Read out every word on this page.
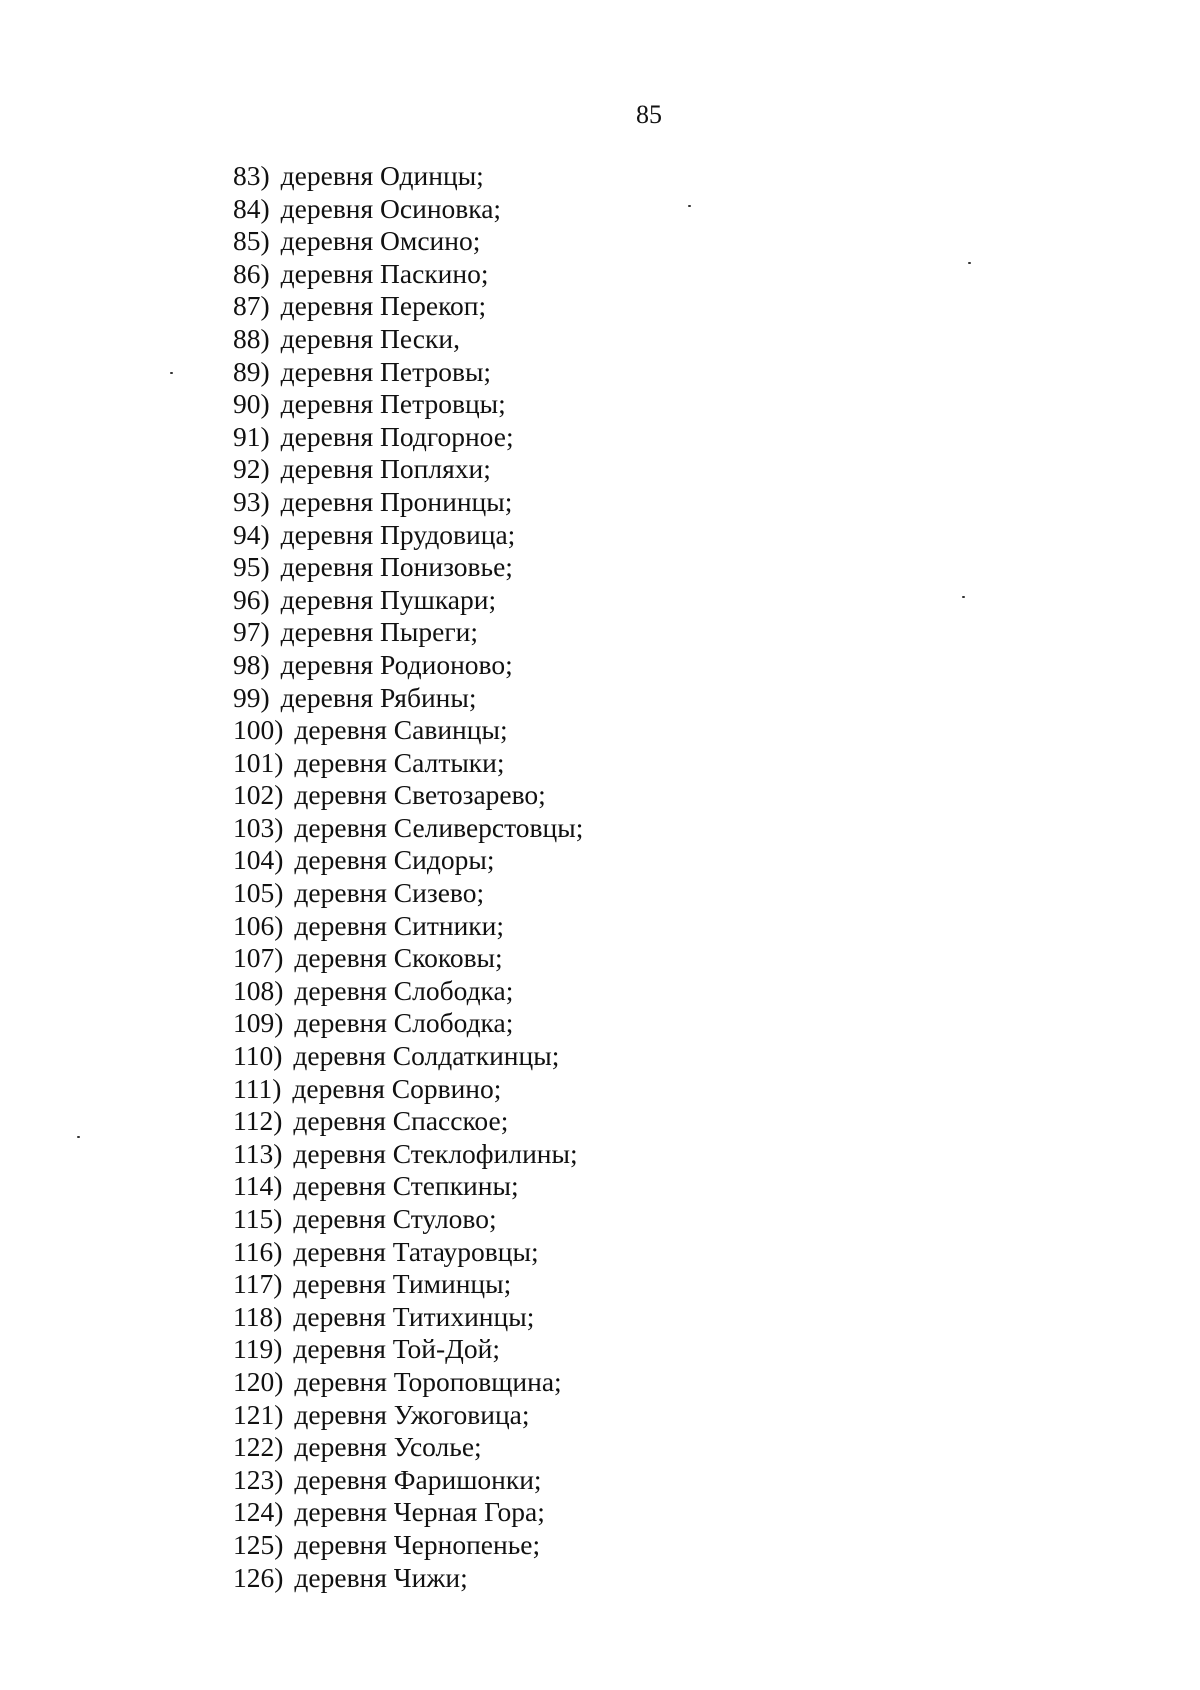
85
83) деревня Одинцы;
84) деревня Осиновка;
85) деревня Омсино;
86) деревня Паскино;
87) деревня Перекоп;
88) деревня Пески,
89) деревня Петровы;
90) деревня Петровцы;
91) деревня Подгорное;
92) деревня Попляхи;
93) деревня Пронинцы;
94) деревня Прудовица;
95) деревня Понизовье;
96) деревня Пушкари;
97) деревня Пыреги;
98) деревня Родионово;
99) деревня Рябины;
100) деревня Савинцы;
101) деревня Салтыки;
102) деревня Светозарево;
103) деревня Селиверстовцы;
104) деревня Сидоры;
105) деревня Сизево;
106) деревня Ситники;
107) деревня Скоковы;
108) деревня Слободка;
109) деревня Слободка;
110) деревня Солдаткинцы;
111) деревня Сорвино;
112) деревня Спасское;
113) деревня Стеклофилины;
114) деревня Степкины;
115) деревня Стулово;
116) деревня Татауровцы;
117) деревня Тиминцы;
118) деревня Титихинцы;
119) деревня Той-Дой;
120) деревня Тороповщина;
121) деревня Ужоговица;
122) деревня Усолье;
123) деревня Фаришонки;
124) деревня Черная Гора;
125) деревня Чернопенье;
126) деревня Чижи;
